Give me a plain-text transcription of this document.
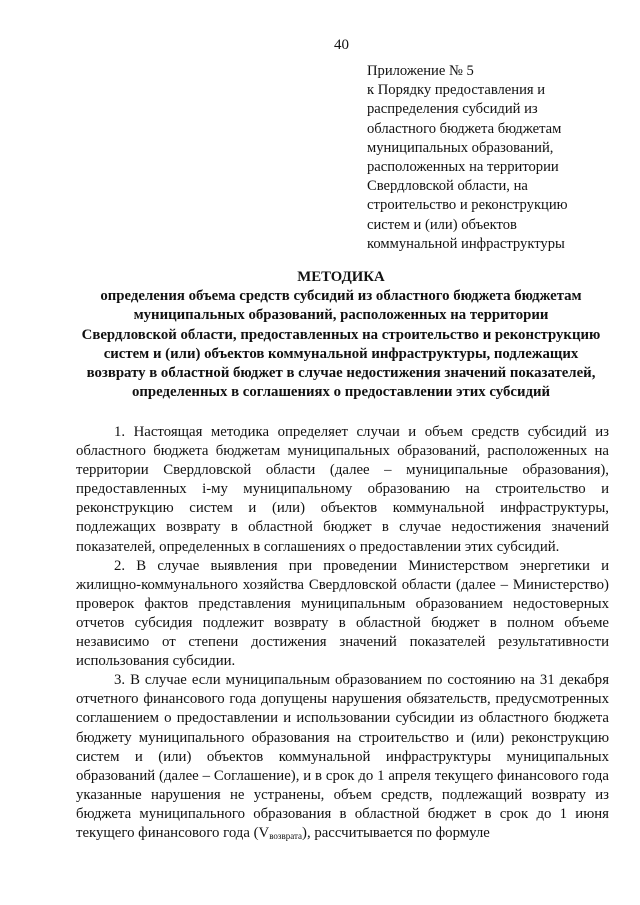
40
Приложение № 5
к Порядку предоставления и
распределения субсидий из
областного бюджета бюджетам
муниципальных образований,
расположенных на территории
Свердловской области, на
строительство и реконструкцию
систем и (или) объектов
коммунальной инфраструктуры
МЕТОДИКА
определения объема средств субсидий из областного бюджета бюджетам
муниципальных образований, расположенных на территории
Свердловской области, предоставленных на строительство и реконструкцию
систем и (или) объектов коммунальной инфраструктуры, подлежащих
возврату в областной бюджет в случае недостижения значений показателей,
определенных в соглашениях о предоставлении этих субсидий

1. Настоящая методика определяет случаи и объем средств субсидий из областного бюджета бюджетам муниципальных образований, расположенных на территории Свердловской области (далее – муниципальные образования), предоставленных i-му муниципальному образованию на строительство и реконструкцию систем и (или) объектов коммунальной инфраструктуры, подлежащих возврату в областной бюджет в случае недостижения значений показателей, определенных в соглашениях о предоставлении этих субсидий.

2. В случае выявления при проведении Министерством энергетики и жилищно-коммунального хозяйства Свердловской области (далее – Министерство) проверок фактов представления муниципальным образованием недостоверных отчетов субсидия подлежит возврату в областной бюджет в полном объеме независимо от степени достижения значений показателей результативности использования субсидии.

3. В случае если муниципальным образованием по состоянию на 31 декабря отчетного финансового года допущены нарушения обязательств, предусмотренных соглашением о предоставлении и использовании субсидии из областного бюджета бюджету муниципального образования на строительство и (или) реконструкцию систем и (или) объектов коммунальной инфраструктуры муниципальных образований (далее – Соглашение), и в срок до 1 апреля текущего финансового года указанные нарушения не устранены, объем средств, подлежащий возврату из бюджета муниципального образования в областной бюджет в срок до 1 июня текущего финансового года $(V_{возврата})$, рассчитывается по формуле
